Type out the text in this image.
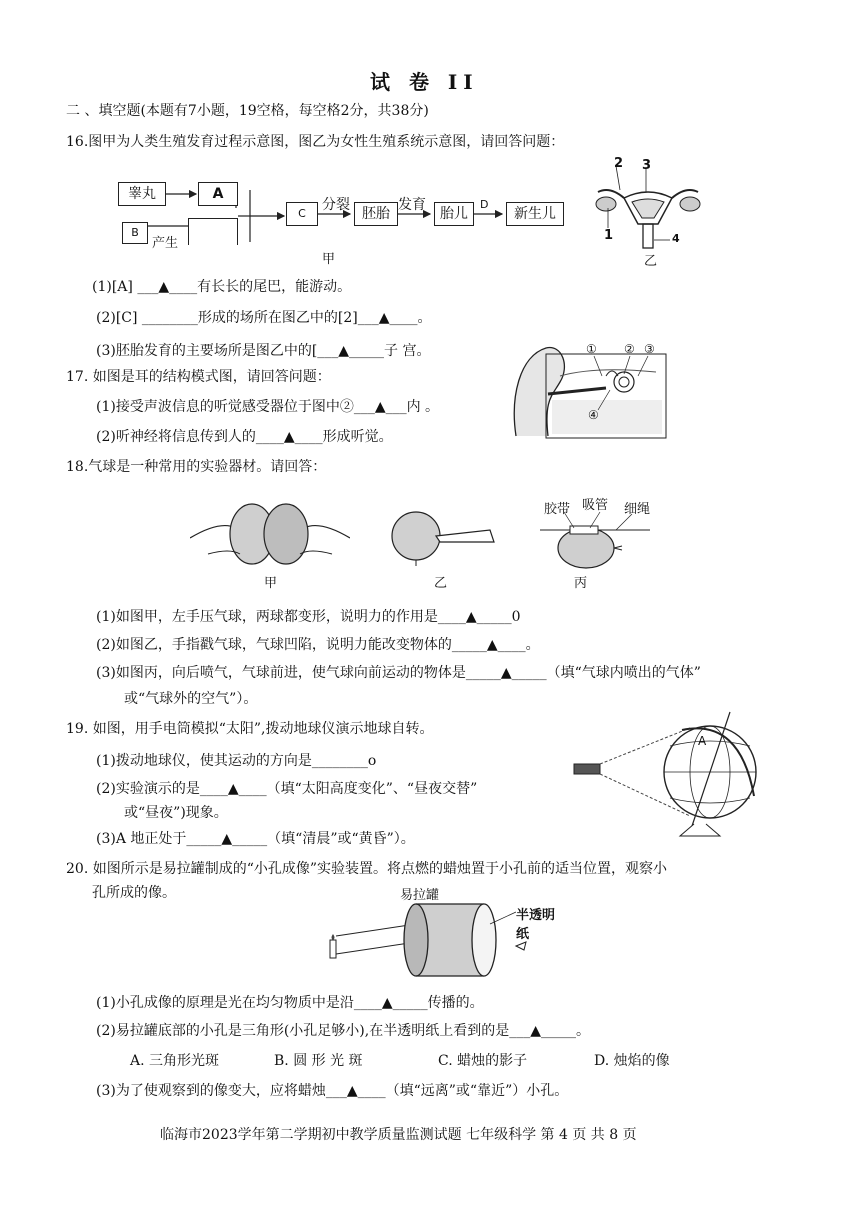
试 卷 II
二 、填空题(本题有7小题，19空格，每空格2分，共38分)
16.图甲为人类生殖发育过程示意图，图乙为女性生殖系统示意图，请回答问题：
睾丸	A
B
产生
C
分裂
胚胎
发育
胎儿
D
新生儿
甲
2 3
1	4
乙
(1)[A] ___▲____有长长的尾巴，能游动。
(2)[C] ________形成的场所在图乙中的[2]___▲____。
(3)胚胎发育的主要场所是图乙中的[___▲_____子 宫。
17. 如图是耳的结构模式图，请回答问题：
(1)接受声波信息的听觉感受器位于图中②___▲___内 。
(2)听神经将信息传到人的____▲____形成听觉。
① ② ③
④
18.气球是一种常用的实验器材。请回答：
甲	乙
胶带 吸管 细绳
丙
(1)如图甲，左手压气球，两球都变形，说明力的作用是____▲_____0
(2)如图乙，手指戳气球，气球凹陷，说明力能改变物体的_____▲____。
(3)如图丙，向后喷气，气球前进，使气球向前运动的物体是_____▲_____（填“气球内喷出的气体”
或“气球外的空气”）。
19. 如图，用手电筒模拟“太阳”,拨动地球仪演示地球自转。
(1)拨动地球仪，使其运动的方向是________o
(2)实验演示的是____▲____（填“太阳高度变化”、“昼夜交替”
或“昼夜”)现象。
(3)A 地正处于_____▲_____（填“清晨”或“黄昏”）。
A
20. 如图所示是易拉罐制成的“小孔成像”实验装置。将点燃的蜡烛置于小孔前的适当位置，观察小
孔所成的像。	易拉罐
半透明纸
(1)小孔成像的原理是光在均匀物质中是沿____▲_____传播的。
(2)易拉罐底部的小孔是三角形(小孔足够小),在半透明纸上看到的是___▲_____。
A. 三角形光斑	B. 圆 形 光 斑	C. 蜡烛的影子	D. 烛焰的像
(3)为了使观察到的像变大，应将蜡烛___▲____（填“远离”或“靠近”）小孔。
临海市2023学年第二学期初中教学质量监测试题 七年级科学 第 4 页 共 8 页
